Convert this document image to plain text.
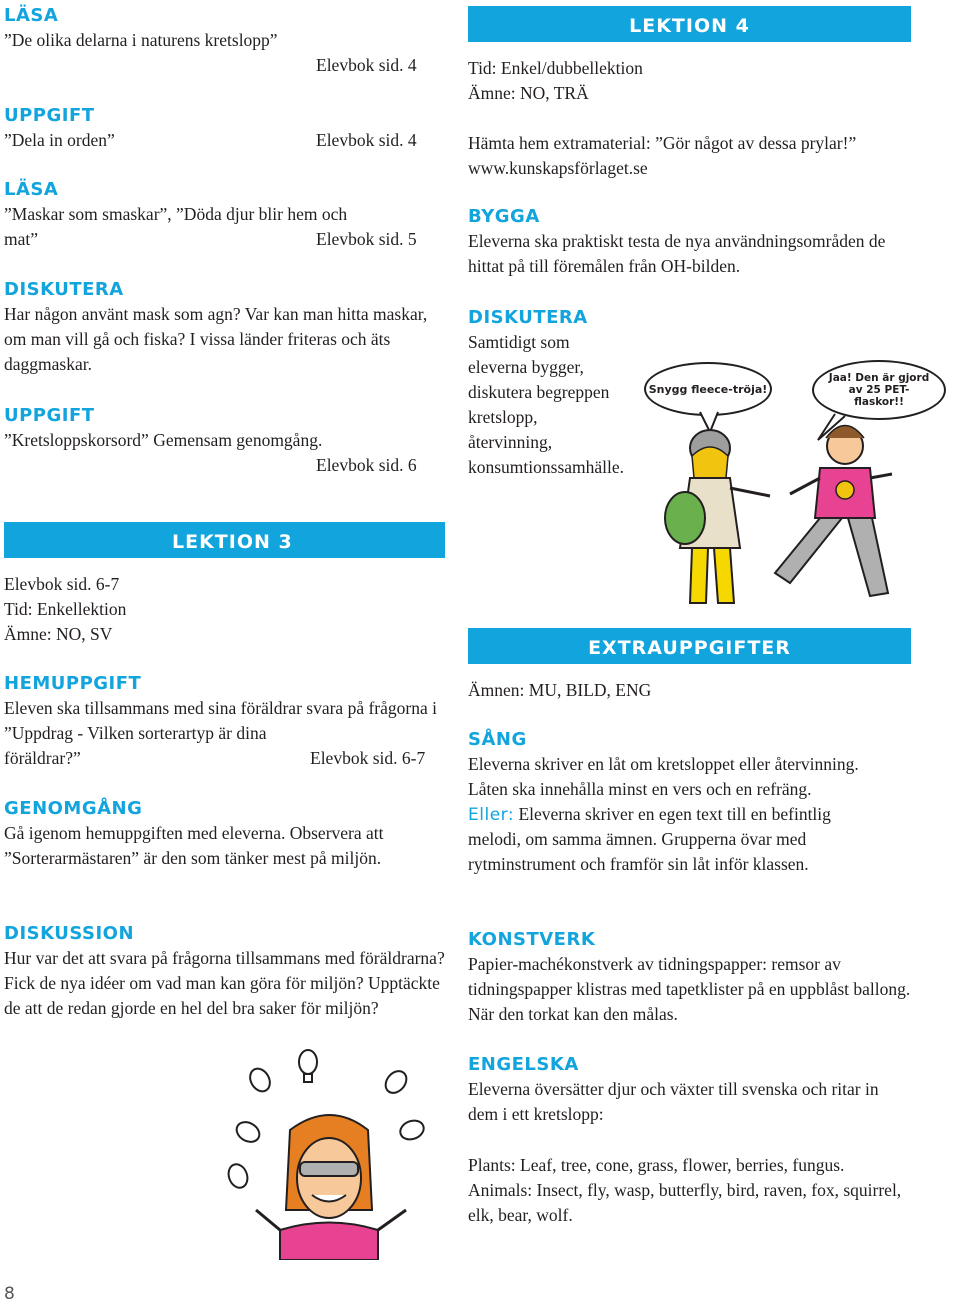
LÄSA
”De olika delarna i naturens kretslopp”
Elevbok sid. 4
UPPGIFT
”Dela in orden”	Elevbok sid. 4
LÄSA
”Maskar som smaskar”, ”Döda djur blir hem och
mat”	Elevbok sid. 5
DISKUTERA
Har någon använt mask som agn? Var kan man hitta maskar, om man vill gå och fiska? I vissa länder friteras och äts daggmaskar.
UPPGIFT
”Kretsloppskorsord” Gemensam genomgång.
Elevbok sid. 6
LEKTION 4
Tid: Enkel/dubbellektion
Ämne: NO, TRÄ
Hämta hem extramaterial: ”Gör något av dessa prylar!” www.kunskapsförlaget.se
BYGGA
Eleverna ska praktiskt testa de nya användningsområden de hittat på till föremålen från OH-bilden.
DISKUTERA
Samtidigt som eleverna bygger, diskutera begreppen kretslopp, återvinning, konsumtionssamhälle.
Snygg fleece-tröja!
Jaa! Den är gjord av 25 PET-flaskor!!
LEKTION 3
Elevbok sid. 6-7
Tid: Enkellektion
Ämne: NO, SV
HEMUPPGIFT
Eleven ska tillsammans med sina föräldrar svara på frågorna i ”Uppdrag - Vilken sorterartyp är dina
föräldrar?”	Elevbok sid. 6-7
GENOMGÅNG
Gå igenom hemuppgiften med eleverna. Observera att ”Sorterarmästaren” är den som tänker mest på miljön.
DISKUSSION
Hur var det att svara på frågorna tillsammans med föräldrarna? Fick de nya idéer om vad man kan göra för miljön? Upptäckte de att de redan gjorde en hel del bra saker för miljön?
EXTRAUPPGIFTER
Ämnen: MU, BILD, ENG
SÅNG
Eleverna skriver en låt om kretsloppet eller återvinning. Låten ska innehålla minst en vers och en refräng.
Eller: Eleverna skriver en egen text till en befintlig melodi, om samma ämnen. Grupperna övar med rytminstrument och framför sin låt inför klassen.
KONSTVERK
Papier-machékonstverk av tidningspapper: remsor av tidningspapper klistras med tapetklister på en uppblåst ballong. När den torkat kan den målas.
ENGELSKA
Eleverna översätter djur och växter till svenska och ritar in dem i ett kretslopp:
Plants: Leaf, tree, cone, grass, flower, berries, fungus.
Animals: Insect, fly, wasp, butterfly, bird, raven, fox, squirrel, elk, bear, wolf.
8
